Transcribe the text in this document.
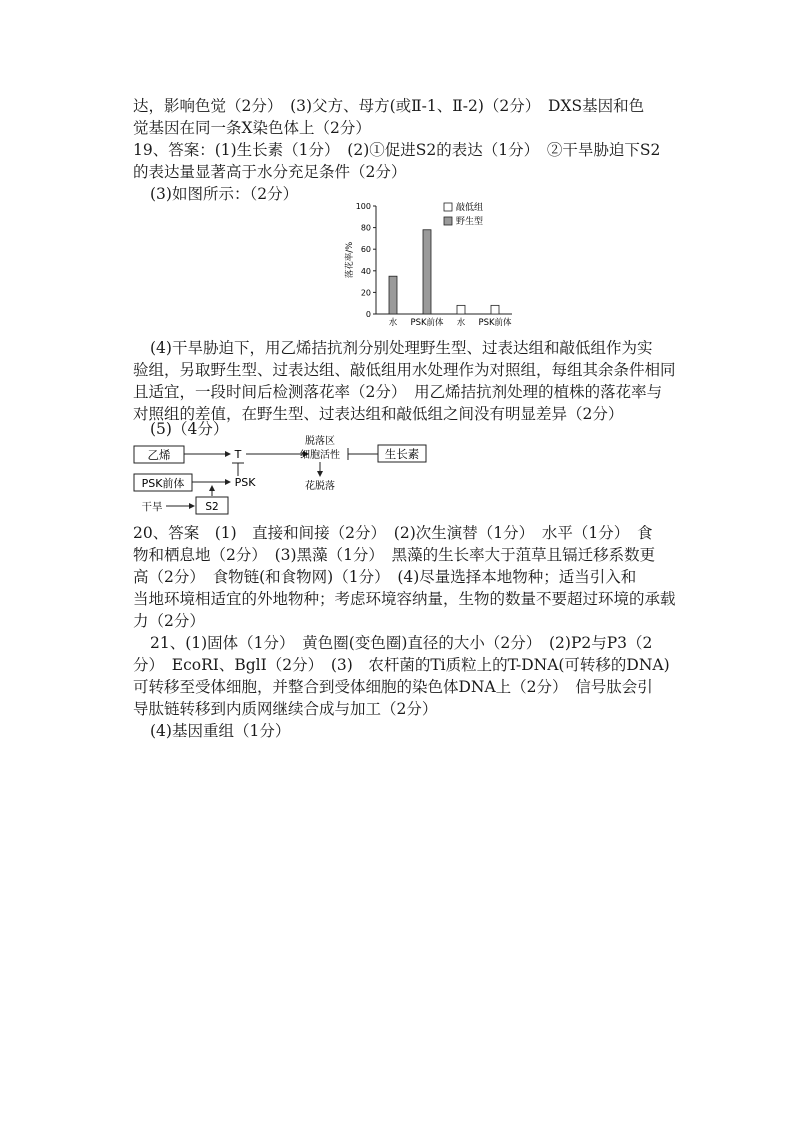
达，影响色觉（2分）　(3)父方、母方(或Ⅱ-1、Ⅱ-2)（2分）　DXS基因和色
觉基因在同一条X染色体上（2分）
19、答案：(1)生长素（1分）　(2)①促进S2的表达（1分）　②干旱胁迫下S2
的表达量显著高于水分充足条件（2分）
(3)如图所示：（2分）
(4)干旱胁迫下，用乙烯拮抗剂分别处理野生型、过表达组和敲低组作为实
验组，另取野生型、过表达组、敲低组用水处理作为对照组，每组其余条件相同
且适宜，一段时间后检测落花率（2分）　用乙烯拮抗剂处理的植株的落花率与
对照组的差值，在野生型、过表达组和敲低组之间没有明显差异（2分）
(5)（4分）
20、答案　(1)　直接和间接（2分）　(2)次生演替（1分）　水平（1分）　食
物和栖息地（2分）　(3)黑藻（1分）　黑藻的生长率大于菹草且镉迁移系数更
高（2分）　食物链(和食物网)（1分）　(4)尽量选择本地物种；适当引入和
当地环境相适宜的外地物种；考虑环境容纳量，生物的数量不要超过环境的承载
力（2分）
21、(1)固体（1分）　黄色圈(变色圈)直径的大小（2分）　(2)P2与P3（2
分）　EcoRⅠ、BglⅠ（2分）　(3)　农杆菌的Ti质粒上的T-DNA(可转移的DNA)
可转移至受体细胞，并整合到受体细胞的染色体DNA上（2分）　信号肽会引
导肽链转移到内质网继续合成与加工（2分）
(4)基因重组（1分）
0
20
40
60
80
100
落花率/%
水 PSK前体 水 PSK前体
敲低组
野生型
乙烯	T
脱落区
细胞活性	生长素
花脱落
PSK前体	PSK
干旱	S2
